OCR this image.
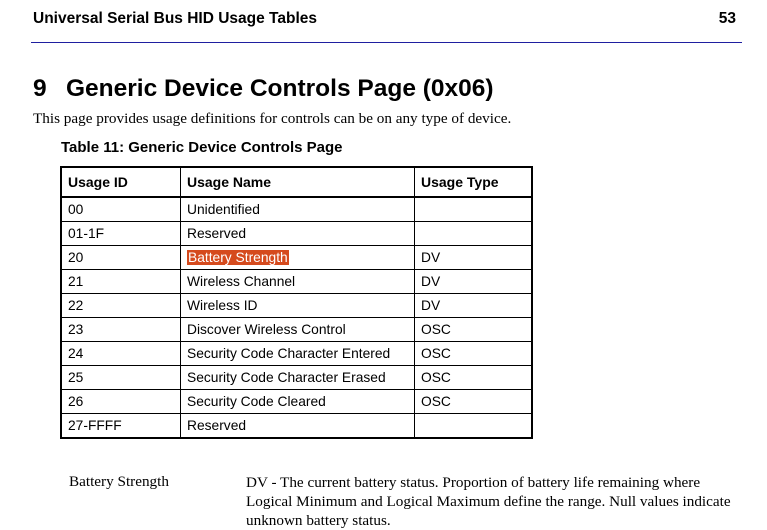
Universal Serial Bus HID Usage Tables	53
9 Generic Device Controls Page (0x06)

This page provides usage definitions for controls can be on any type of device.

Table 11: Generic Device Controls Page

Usage ID	Usage Name	Usage Type
00	Unidentified	
01-1F	Reserved	
20	Battery Strength	DV
21	Wireless Channel	DV
22	Wireless ID	DV
23	Discover Wireless Control	OSC
24	Security Code Character Entered	OSC
25	Security Code Character Erased	OSC
26	Security Code Cleared	OSC
27-FFFF	Reserved	

Battery Strength	DV - The current battery status. Proportion of battery life remaining where Logical Minimum and Logical Maximum define the range. Null values indicate unknown battery status.
